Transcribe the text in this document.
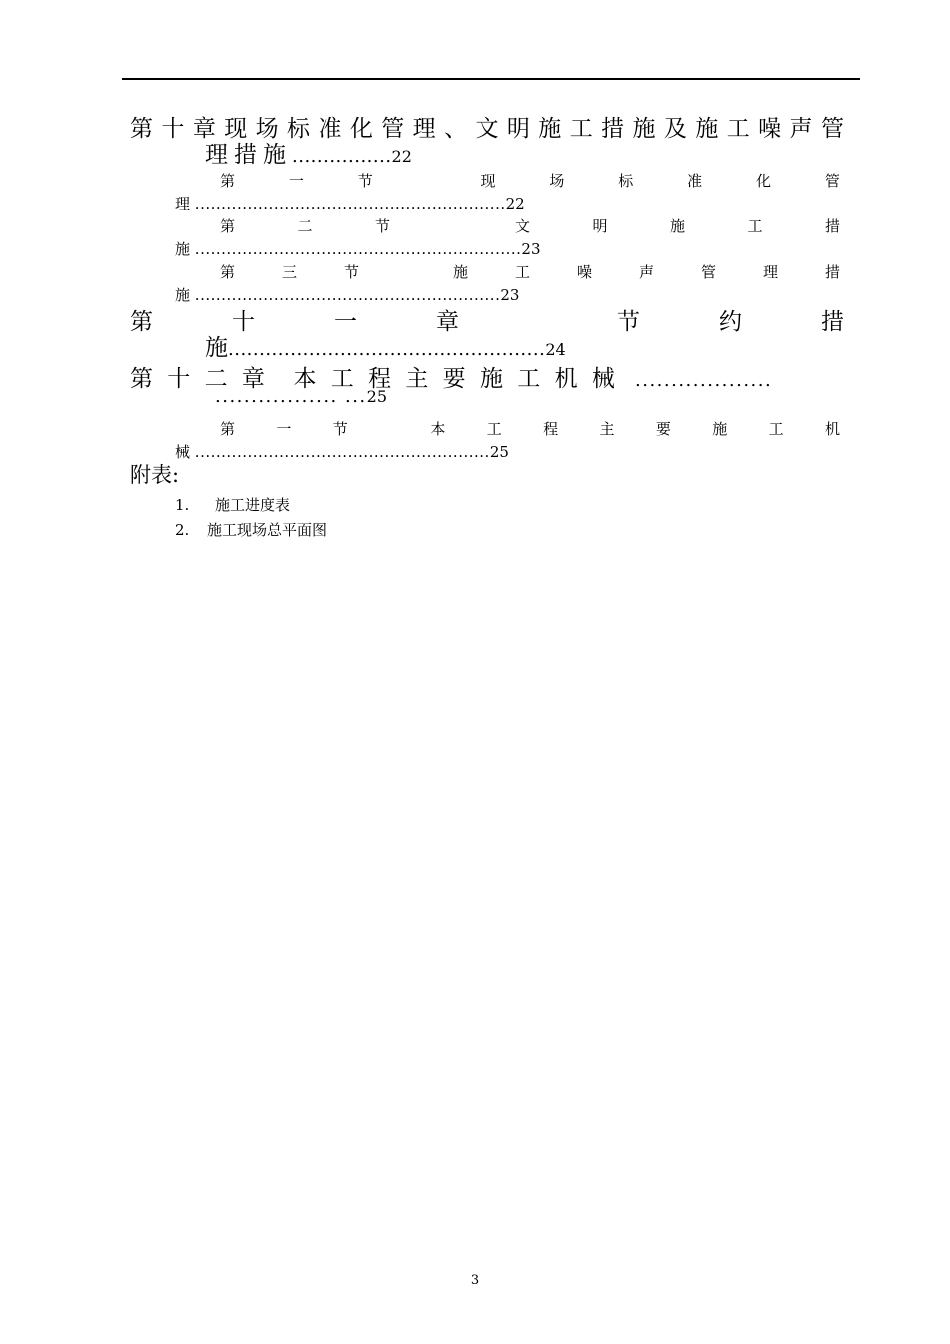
第 十 章 现 场 标 准 化 管 理 、 文 明 施 工 措 施 及 施 工 噪 声 管
理措施................22
第	一	节	现	场	标	准	化	管
理 ...........................................................22
第	二	节	文	明	施	工	措
施 ..............................................................23
第	三	节	施	工	噪	声	管	理	措
施 ..........................................................23
第	十	一	章	节	约	措
施...................................................24
第 十 二 章 本 工 程 主 要 施 工 机 械 ...................
................. ...25
第	一	节	本	工	程	主	要	施	工	机
械 ........................................................25
附表:
1. 施工进度表
2. 施工现场总平面图
3
